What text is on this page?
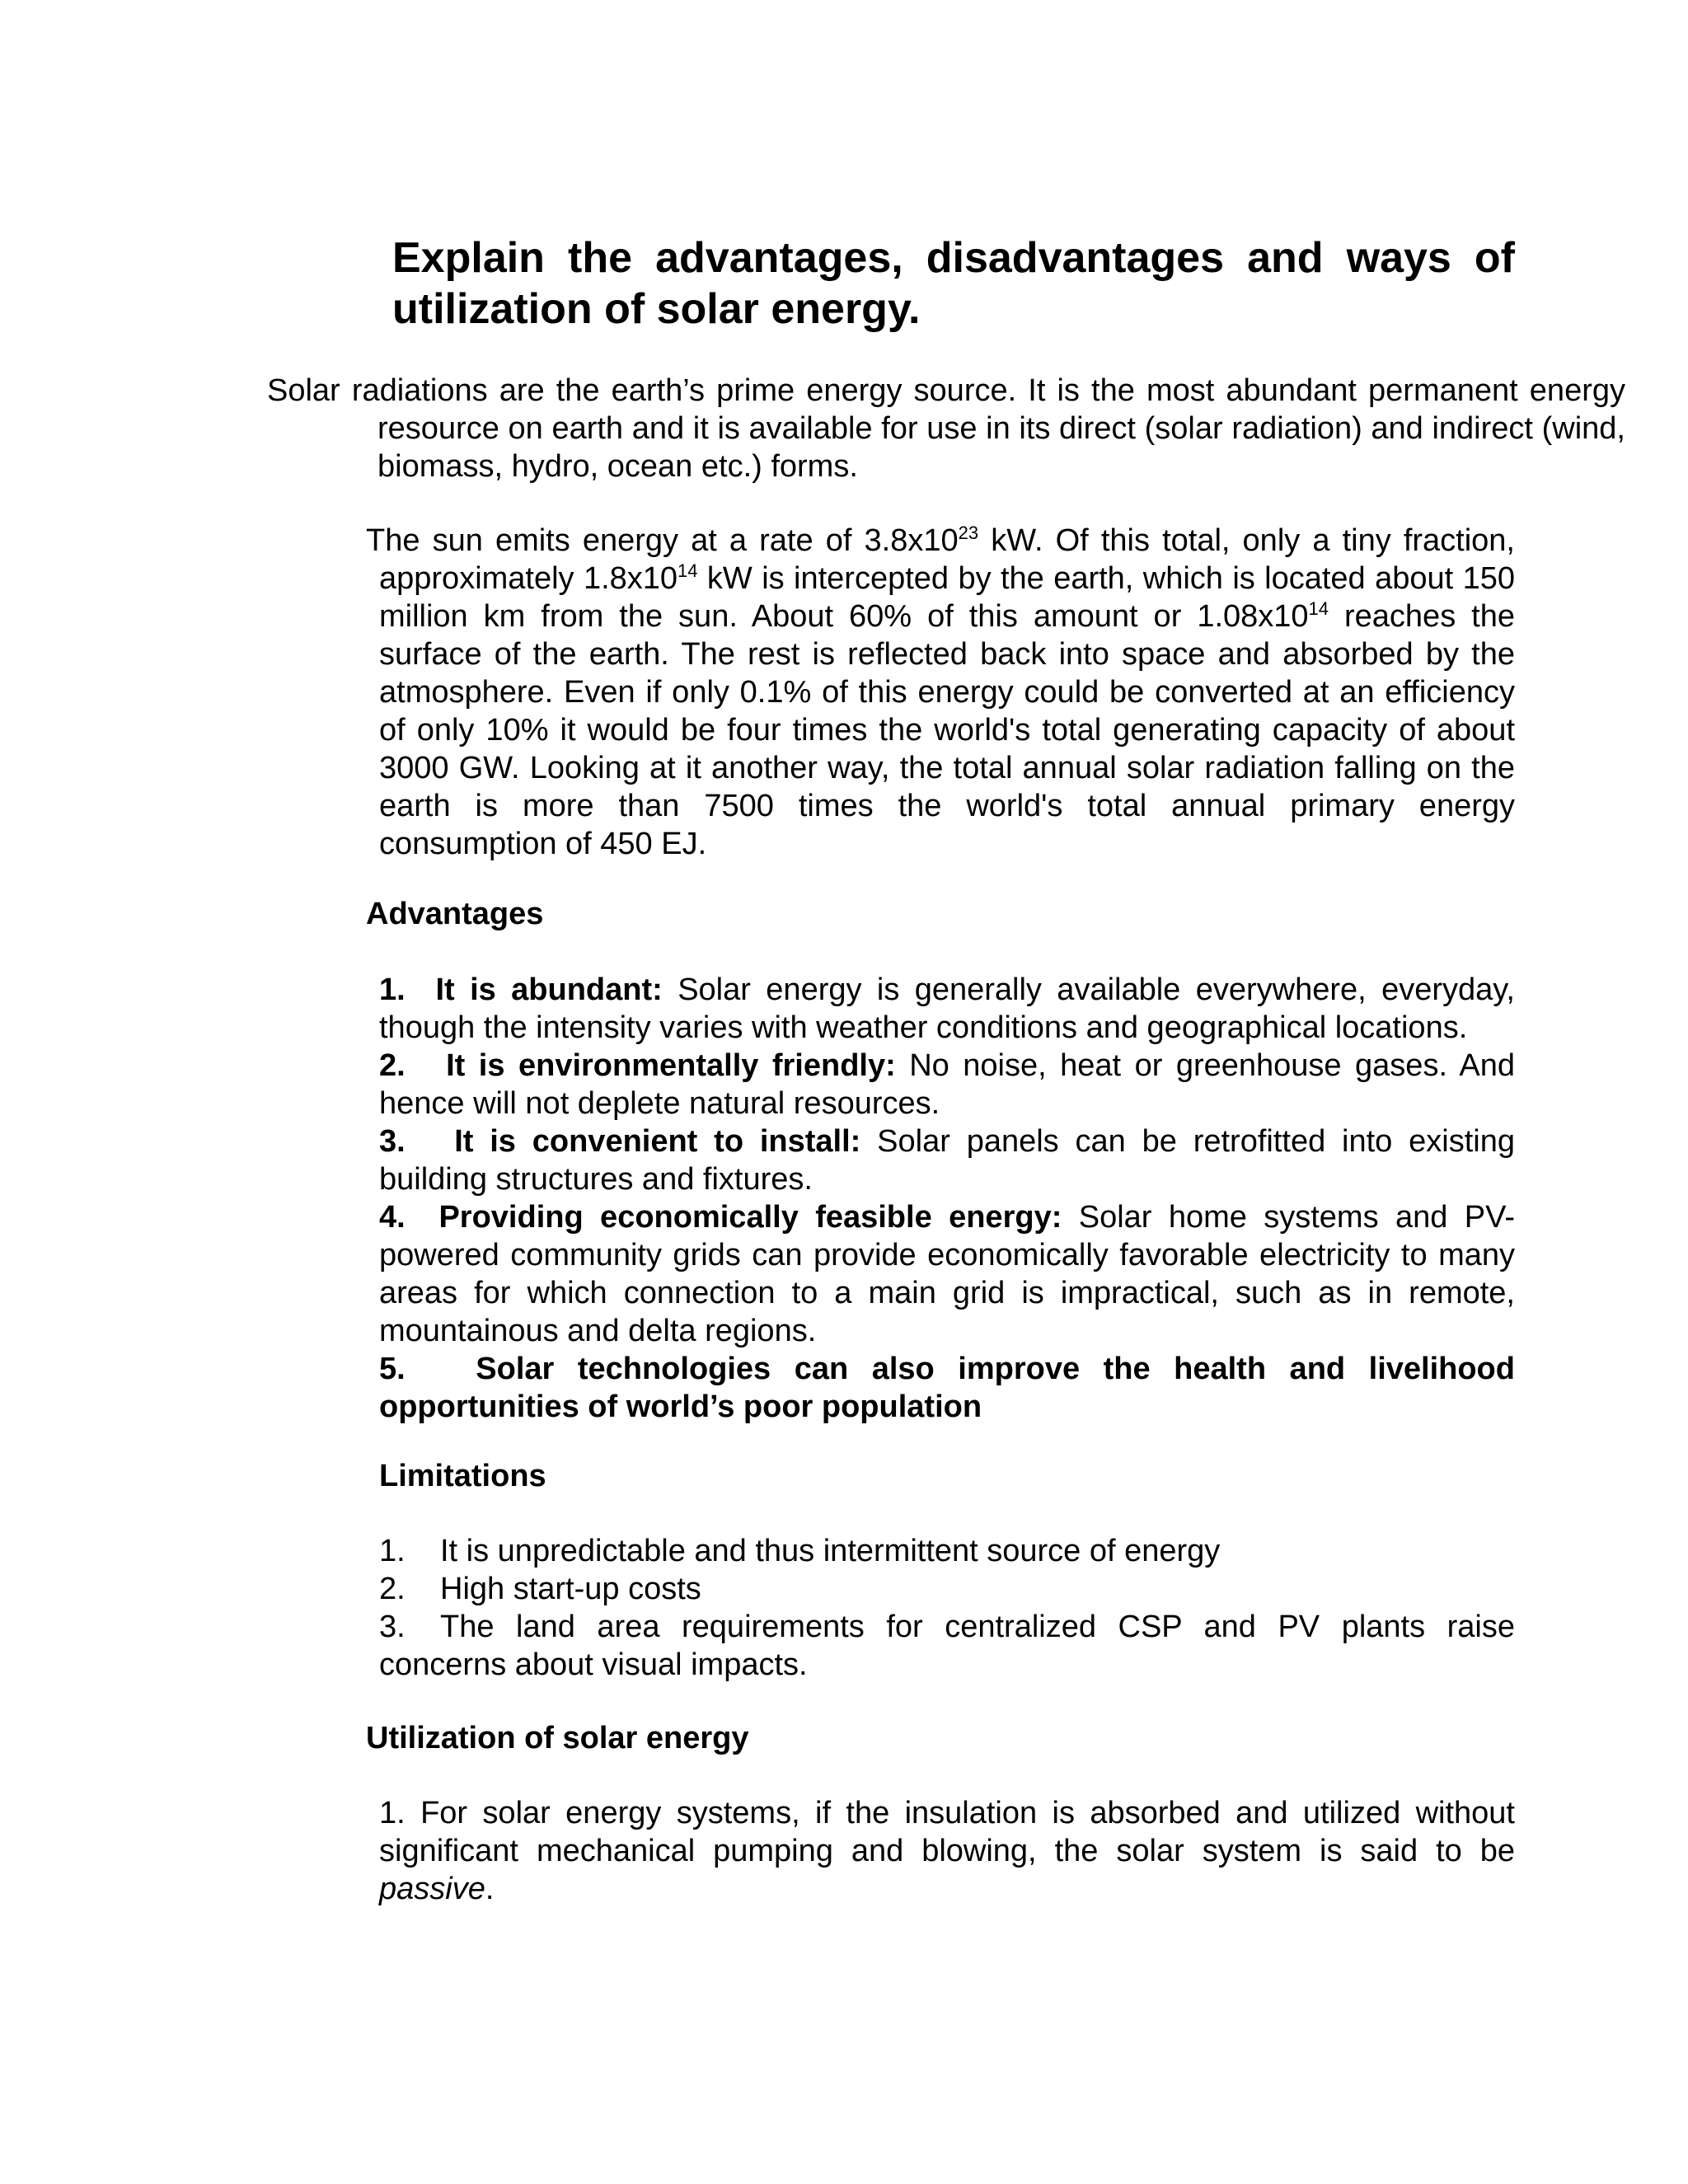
Explain the advantages, disadvantages and ways of utilization of solar energy.

Solar radiations are the earth’s prime energy source. It is the most abundant permanent energy resource on earth and it is available for use in its direct (solar radiation) and indirect (wind, biomass, hydro, ocean etc.) forms.

The sun emits energy at a rate of $3.8x10^{23}$ kW. Of this total, only a tiny fraction, approximately $1.8x10^{14}$ kW is intercepted by the earth, which is located about 150 million km from the sun. About 60% of this amount or $1.08x10^{14}$ reaches the surface of the earth. The rest is reflected back into space and absorbed by the atmosphere. Even if only 0.1% of this energy could be converted at an efficiency of only 10% it would be four times the world's total generating capacity of about 3000 GW. Looking at it another way, the total annual solar radiation falling on the earth is more than 7500 times the world's total annual primary energy consumption of 450 EJ.

Advantages
1. It is abundant: Solar energy is generally available everywhere, everyday, though the intensity varies with weather conditions and geographical locations.
2. It is environmentally friendly: No noise, heat or greenhouse gases. And hence will not deplete natural resources.
3. It is convenient to install: Solar panels can be retrofitted into existing building structures and fixtures.
4. Providing economically feasible energy: Solar home systems and PV-powered community grids can provide economically favorable electricity to many areas for which connection to a main grid is impractical, such as in remote, mountainous and delta regions.
5. Solar technologies can also improve the health and livelihood opportunities of world’s poor population
Limitations
1. It is unpredictable and thus intermittent source of energy
2. High start-up costs
3. The land area requirements for centralized CSP and PV plants raise concerns about visual impacts.
Utilization of solar energy

1. For solar energy systems, if the insulation is absorbed and utilized without significant mechanical pumping and blowing, the solar system is said to be passive.
